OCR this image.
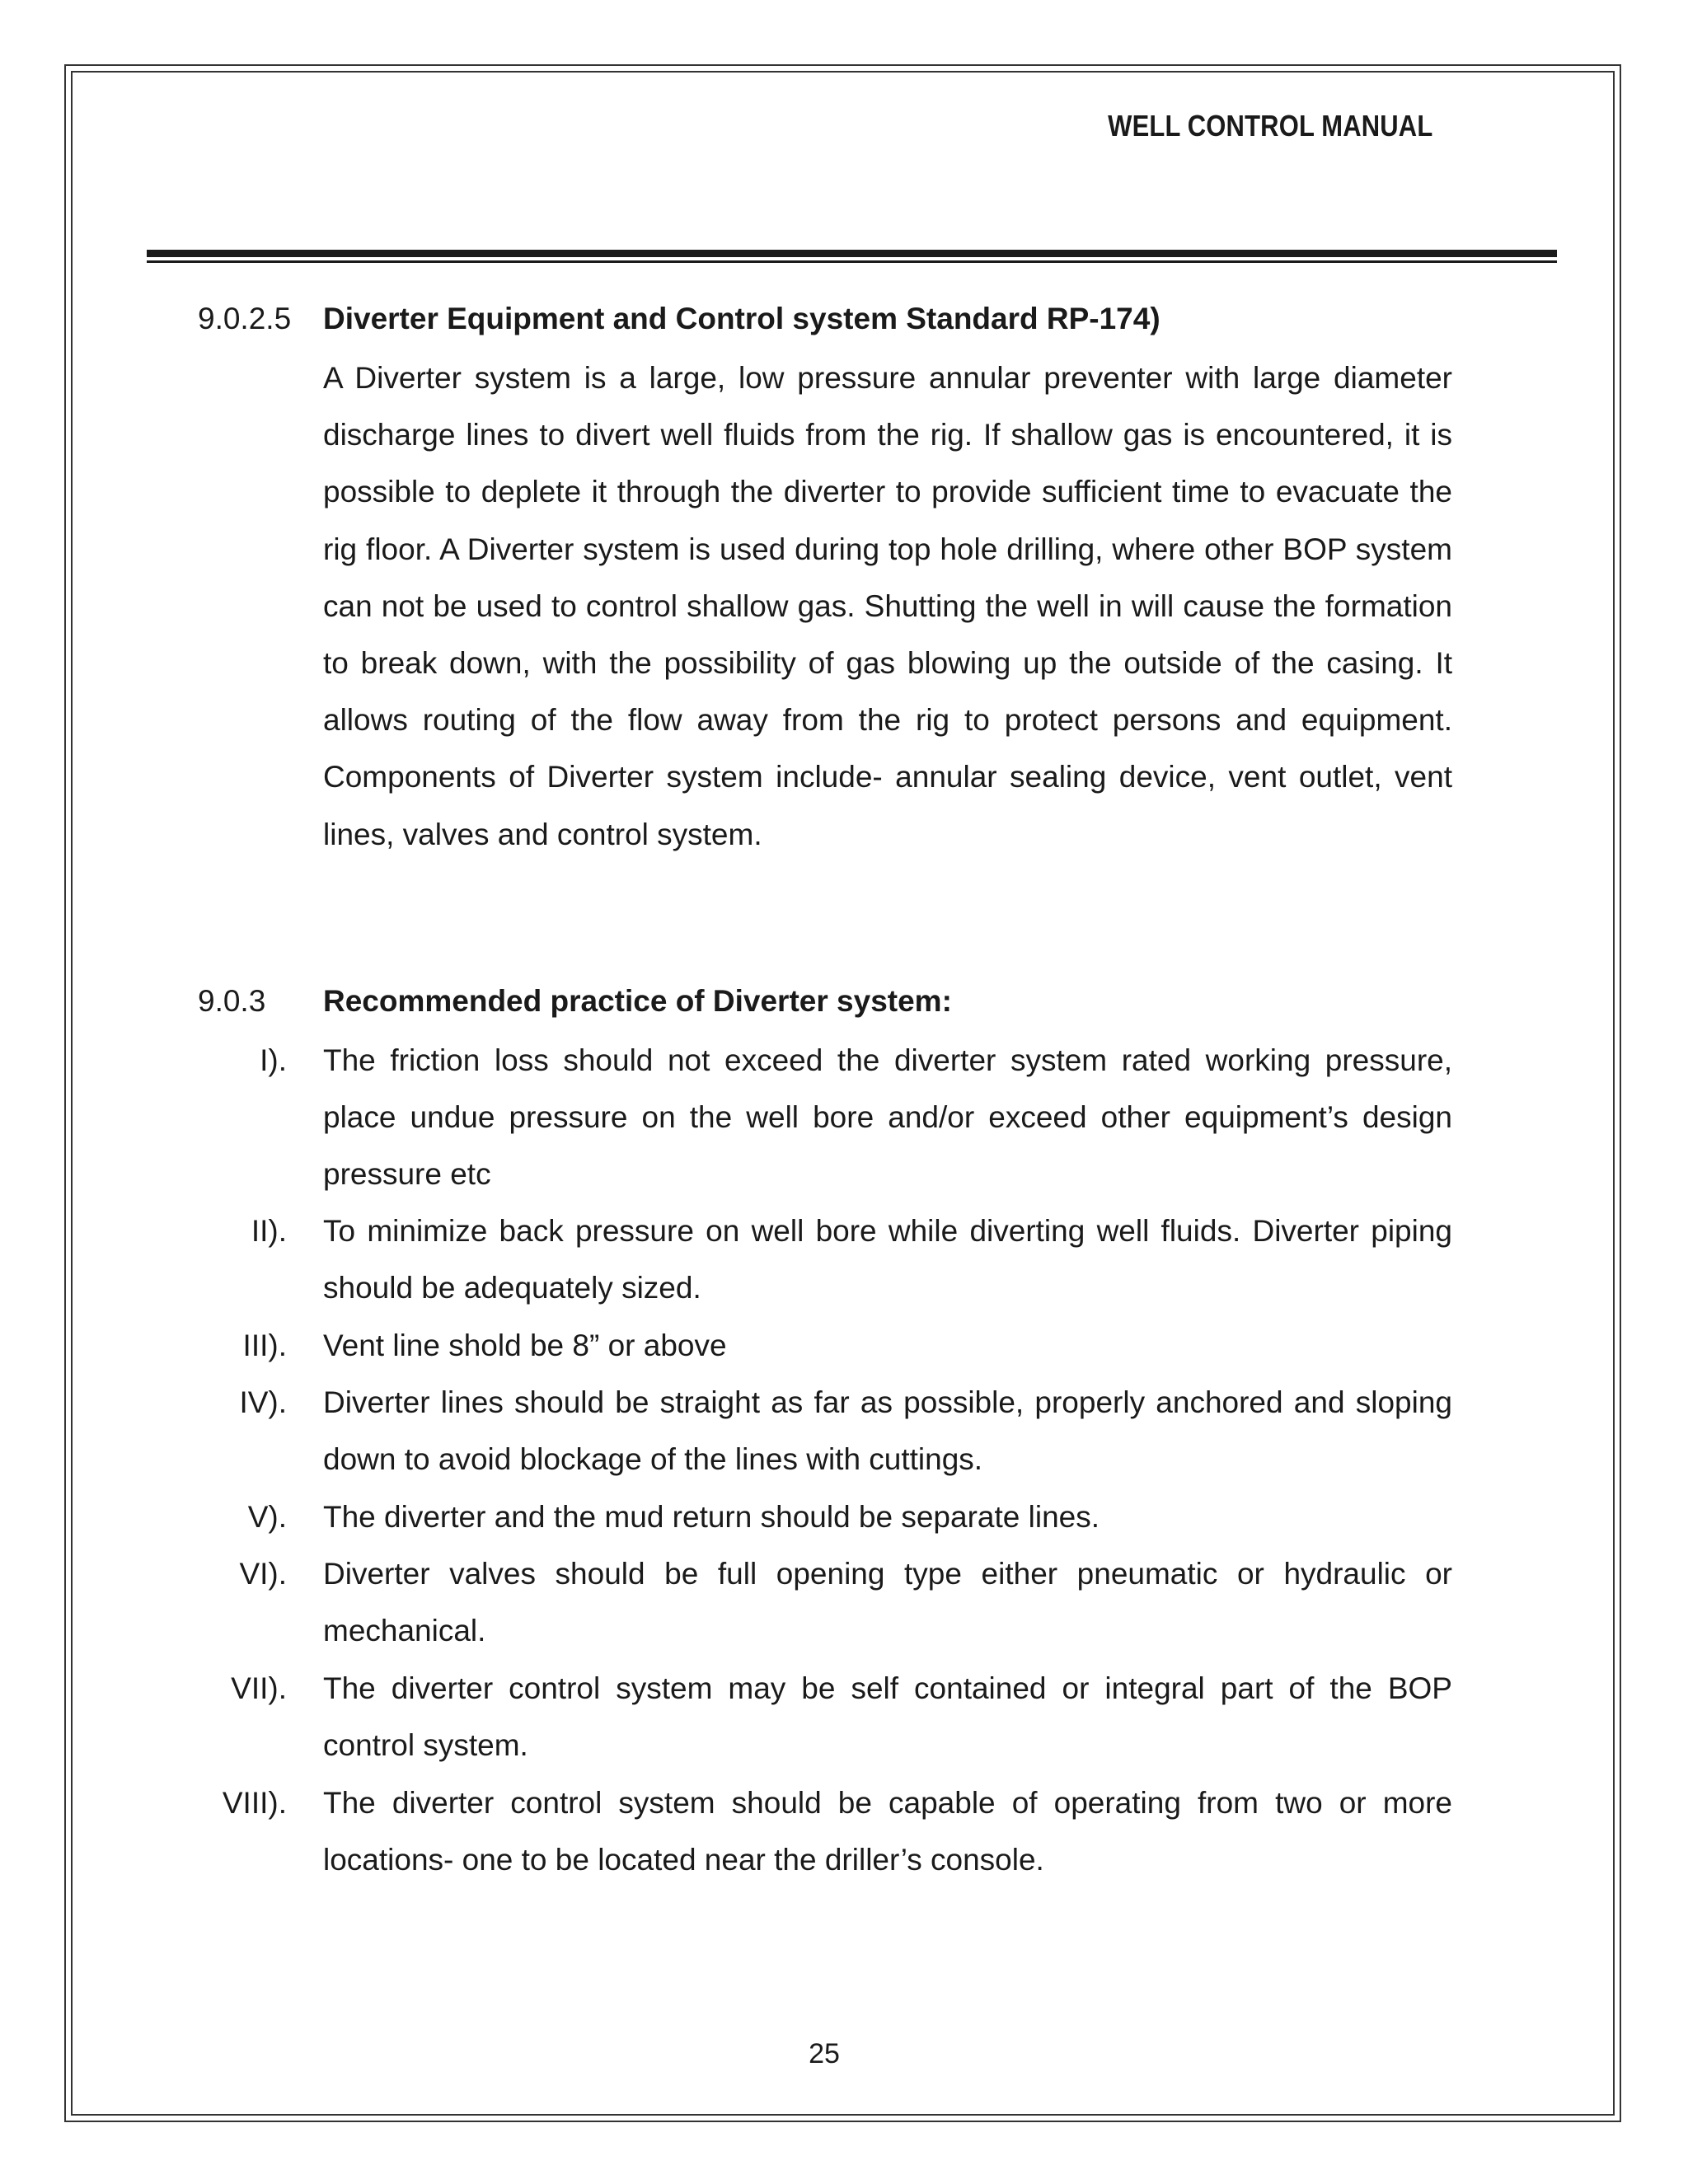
WELL CONTROL MANUAL
9.0.2.5 Diverter Equipment and Control system Standard RP-174)
A Diverter system is a large, low pressure annular preventer with large diameter discharge lines to divert well fluids from the rig. If shallow gas is encountered, it is possible to deplete it through the diverter to provide sufficient time to evacuate the rig floor. A Diverter system is used during top hole drilling, where other BOP system can not be used to control shallow gas. Shutting the well in will cause the formation to break down, with the possibility of gas blowing up the outside of the casing. It allows routing of the flow away from the rig to protect persons and equipment. Components of Diverter system include- annular sealing device, vent outlet, vent lines, valves and control system.
9.0.3 Recommended practice of Diverter system:
I). The friction loss should not exceed the diverter system rated working pressure, place undue pressure on the well bore and/or exceed other equipment’s design pressure etc
II). To minimize back pressure on well bore while diverting well fluids. Diverter piping should be adequately sized.
III). Vent line shold be 8” or above
IV). Diverter lines should be straight as far as possible, properly anchored and sloping down to avoid blockage of the lines with cuttings.
V). The diverter and the mud return should be separate lines.
VI). Diverter valves should be full opening type either pneumatic or hydraulic or mechanical.
VII). The diverter control system may be self contained or integral part of the BOP control system.
VIII). The diverter control system should be capable of operating from two or more locations- one to be located near the driller’s console.
25
